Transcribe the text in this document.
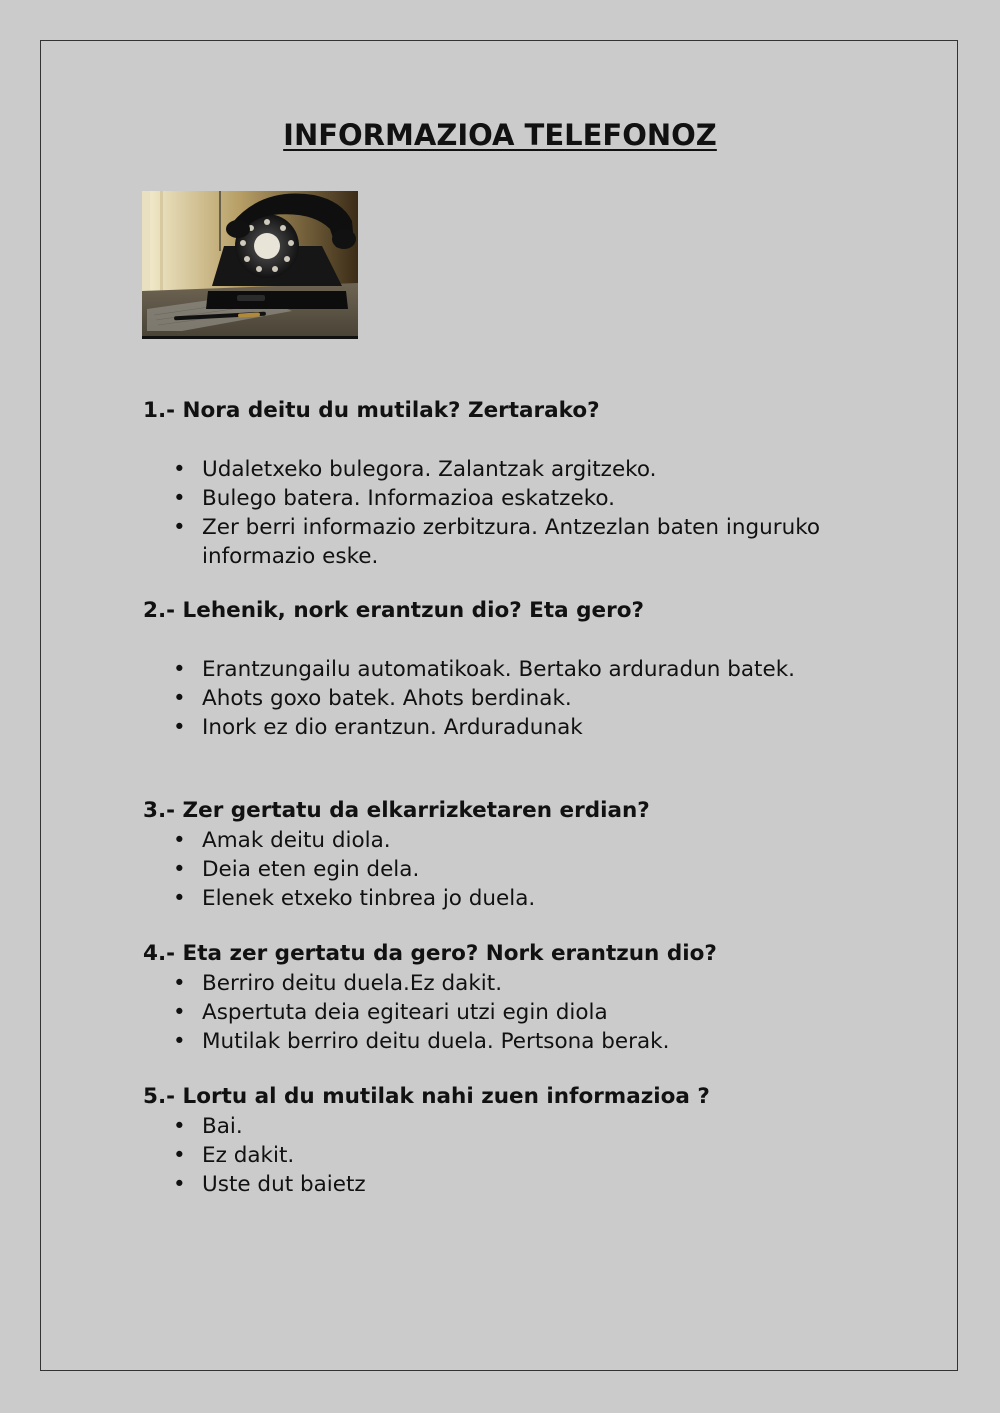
INFORMAZIOA TELEFONOZ

1.- Nora deitu du mutilak? Zertarako?

• Udaletxeko bulegora. Zalantzak argitzeko.
• Bulego batera. Informazioa eskatzeko.
• Zer berri informazio zerbitzura. Antzezlan baten inguruko informazio eske.

2.- Lehenik, nork erantzun dio? Eta gero?

• Erantzungailu automatikoak. Bertako arduradun batek.
• Ahots goxo batek. Ahots berdinak.
• Inork ez dio erantzun. Arduradunak

3.- Zer gertatu da elkarrizketaren erdian?

• Amak deitu diola.
• Deia eten egin dela.
• Elenek etxeko tinbrea jo duela.

4.- Eta zer gertatu da gero? Nork erantzun dio?

• Berriro deitu duela.Ez dakit.
• Aspertuta deia egiteari utzi egin diola
• Mutilak berriro deitu duela. Pertsona berak.

5.- Lortu al du mutilak nahi zuen informazioa ?

• Bai.
• Ez dakit.
• Uste dut baietz
